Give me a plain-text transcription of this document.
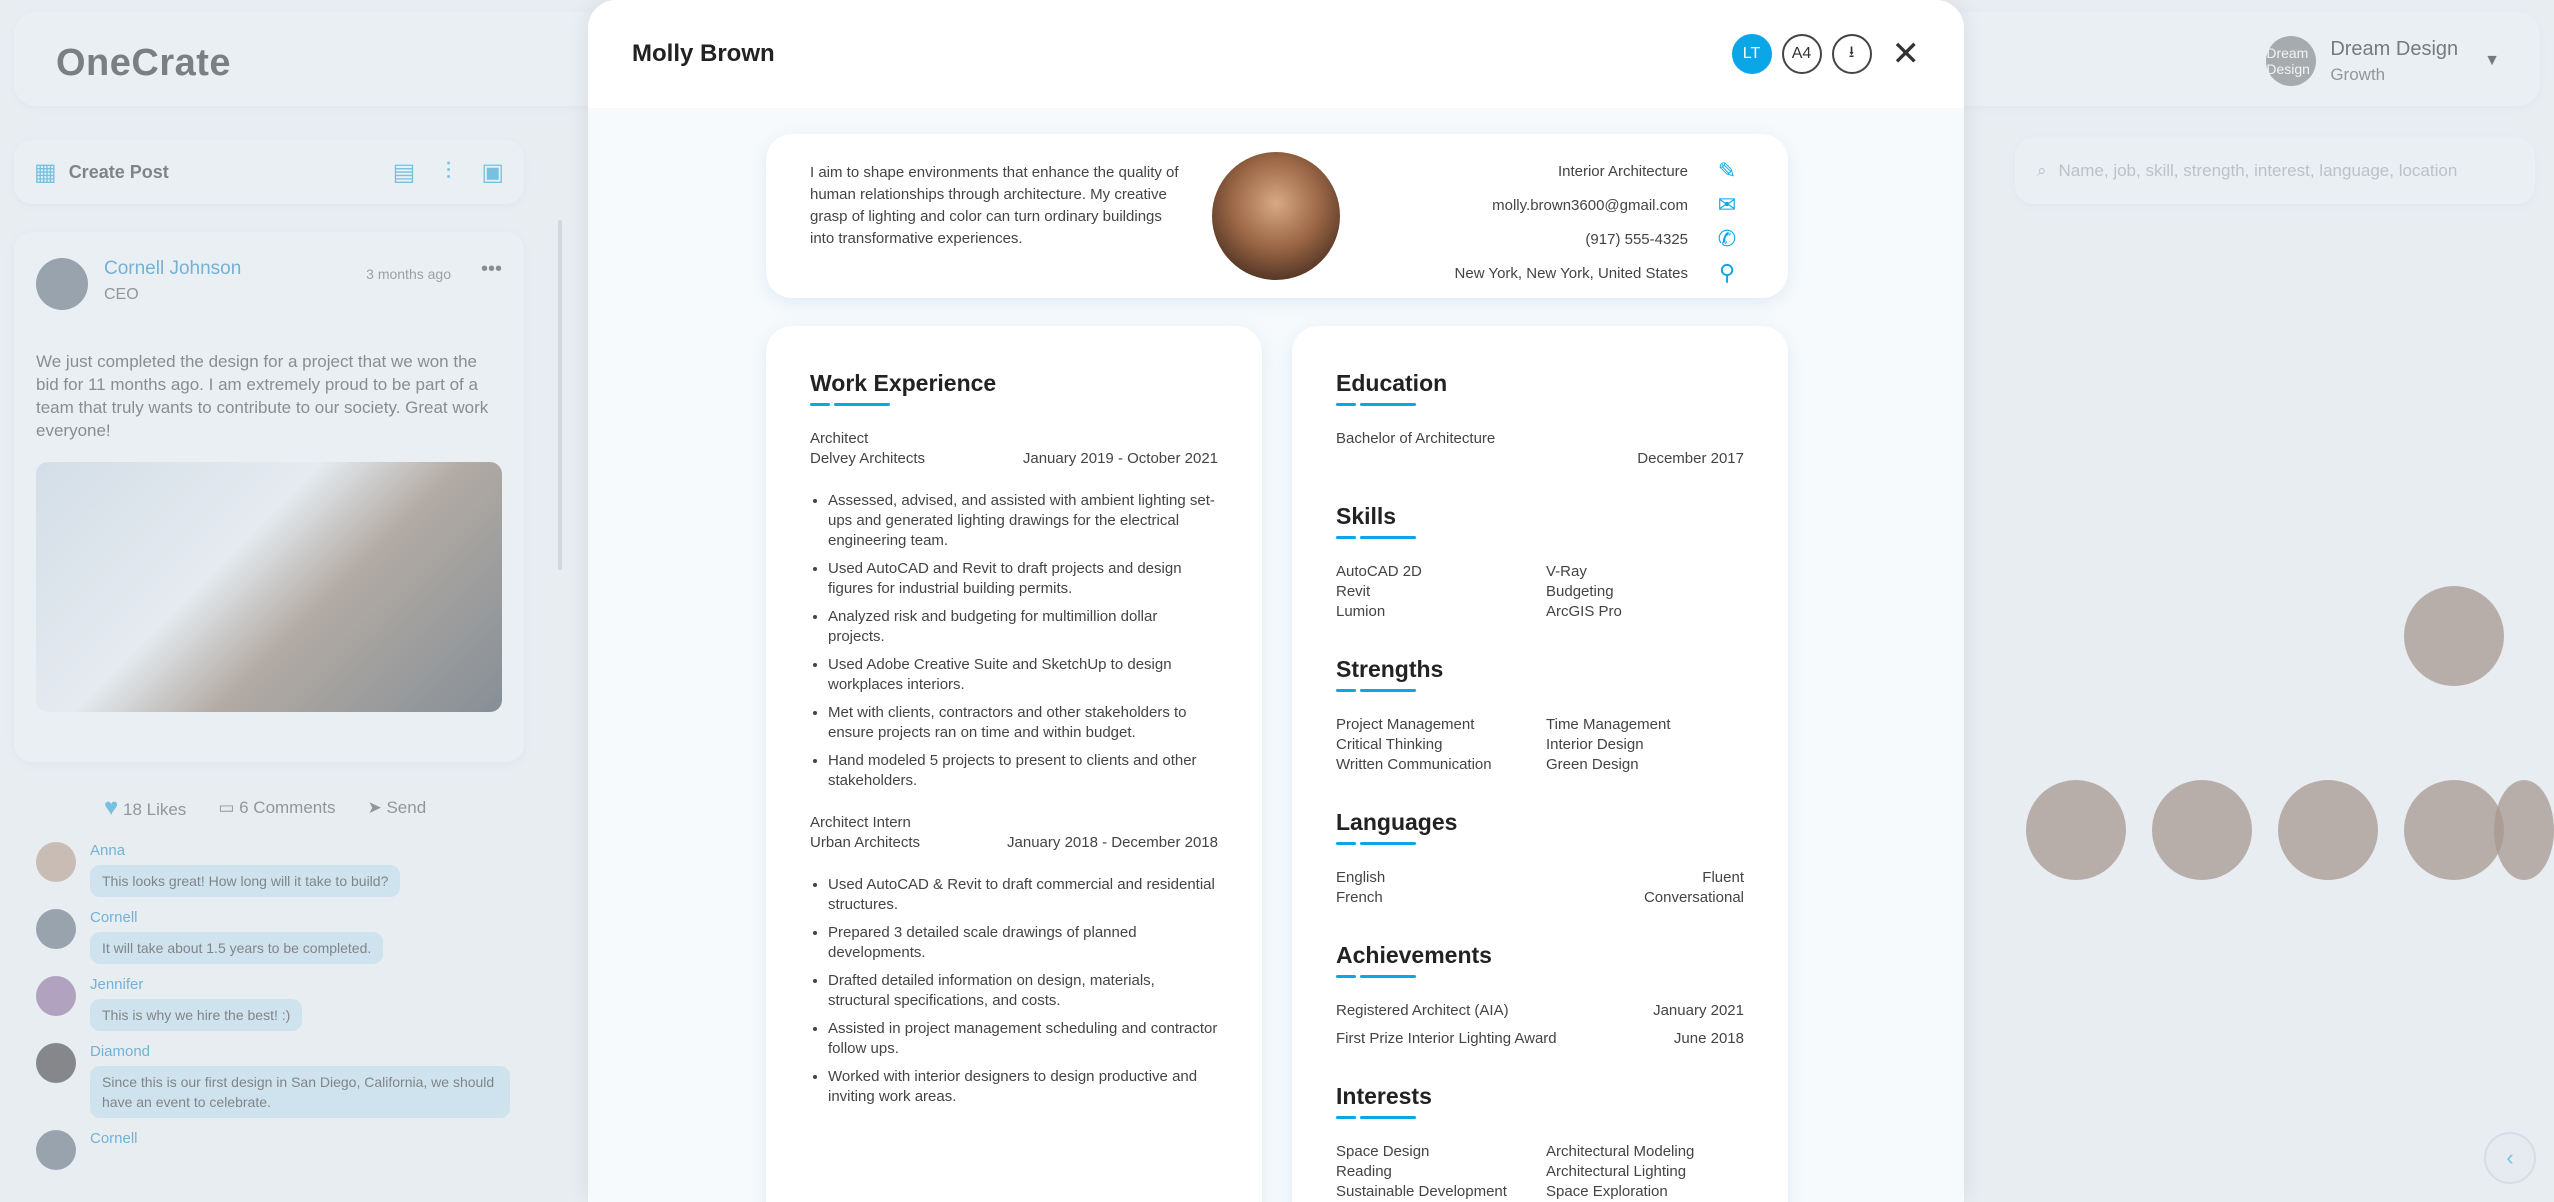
OneCrate	Dream Design
Dream Design
Growth
▼
▦ Create Post	▤ ⫶ ▣
Cornell Johnson
CEO
3 months ago •••
We just completed the design for a project that we won the bid for 11 months ago. I am extremely proud to be part of a team that truly wants to contribute to our society. Great work everyone!
♥ 18 Likes ▭ 6 Comments ➤ Send
Anna
This looks great! How long will it take to build?
Cornell
It will take about 1.5 years to be completed.
Jennifer
This is why we hire the best! :)
Diamond
Since this is our first design in San Diego, California, we should have an event to celebrate.
Cornell
⌕ Name, job, skill, strength, interest, language, location
‹
Molly Brown	LT	A4	⭳	✕
I aim to shape environments that enhance the quality of human relationships through architecture. My creative grasp of lighting and color can turn ordinary buildings into transformative experiences.
Interior Architecture	✎
molly.brown3600@gmail.com	✉
(917) 555-4325	✆
New York, New York, United States	⚲
Work Experience
Architect
Delvey Architects	January 2019 - October 2021
• Assessed, advised, and assisted with ambient lighting set-ups and generated lighting drawings for the electrical engineering team.
• Used AutoCAD and Revit to draft projects and design figures for industrial building permits.
• Analyzed risk and budgeting for multimillion dollar projects.
• Used Adobe Creative Suite and SketchUp to design workplaces interiors.
• Met with clients, contractors and other stakeholders to ensure projects ran on time and within budget.
• Hand modeled 5 projects to present to clients and other stakeholders.
Architect Intern
Urban Architects	January 2018 - December 2018
• Used AutoCAD & Revit to draft commercial and residential structures.
• Prepared 3 detailed scale drawings of planned developments.
• Drafted detailed information on design, materials, structural specifications, and costs.
• Assisted in project management scheduling and contractor follow ups.
• Worked with interior designers to design productive and inviting work areas.
Education
Bachelor of Architecture
December 2017
Skills
AutoCAD 2D	V-Ray
Revit	Budgeting
Lumion	ArcGIS Pro
Strengths
Project Management	Time Management
Critical Thinking	Interior Design
Written Communication	Green Design
Languages
English	Fluent
French	Conversational
Achievements
Registered Architect (AIA)	January 2021
First Prize Interior Lighting Award	June 2018
Interests
Space Design	Architectural Modeling
Reading	Architectural Lighting
Sustainable Development	Space Exploration
